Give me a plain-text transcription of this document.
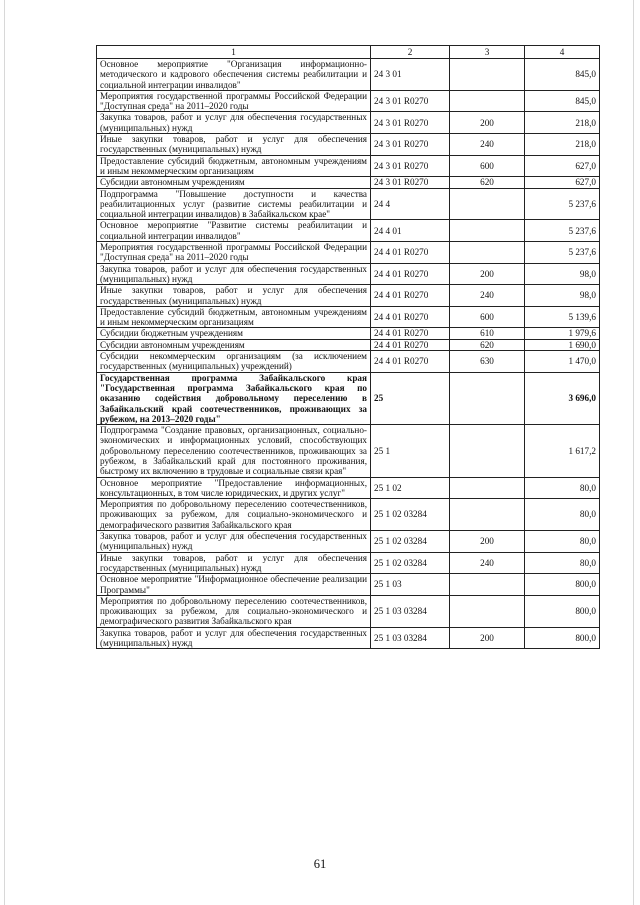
1	2	3	4
Основное мероприятие "Организация информационно-методического и кадрового обеспечения системы реабилитации и социальной интеграции инвалидов"	24 3 01		845,0
Мероприятия государственной программы Российской Федерации "Доступная среда" на 2011–2020 годы	24 3 01 R0270		845,0
Закупка товаров, работ и услуг для обеспечения государственных (муниципальных) нужд	24 3 01 R0270	200	218,0
Иные закупки товаров, работ и услуг для обеспечения государственных (муниципальных) нужд	24 3 01 R0270	240	218,0
Предоставление субсидий бюджетным, автономным учреждениям и иным некоммерческим организациям	24 3 01 R0270	600	627,0
Субсидии автономным учреждениям	24 3 01 R0270	620	627,0
Подпрограмма "Повышение доступности и качества реабилитационных услуг (развитие системы реабилитации и социальной интеграции инвалидов) в Забайкальском крае"	24 4		5 237,6
Основное мероприятие "Развитие системы реабилитации и социальной интеграции инвалидов"	24 4 01		5 237,6
Мероприятия государственной программы Российской Федерации "Доступная среда" на 2011–2020 годы	24 4 01 R0270		5 237,6
Закупка товаров, работ и услуг для обеспечения государственных (муниципальных) нужд	24 4 01 R0270	200	98,0
Иные закупки товаров, работ и услуг для обеспечения государственных (муниципальных) нужд	24 4 01 R0270	240	98,0
Предоставление субсидий бюджетным, автономным учреждениям и иным некоммерческим организациям	24 4 01 R0270	600	5 139,6
Субсидии бюджетным учреждениям	24 4 01 R0270	610	1 979,6
Субсидии автономным учреждениям	24 4 01 R0270	620	1 690,0
Субсидии некоммерческим организациям (за исключением государственных (муниципальных) учреждений)	24 4 01 R0270	630	1 470,0
Государственная программа Забайкальского края "Государственная программа Забайкальского края по оказанию содействия добровольному переселению в Забайкальский край соотечественников, проживающих за рубежом, на 2013–2020 годы"	25		3 696,0
Подпрограмма "Создание правовых, организационных, социально-экономических и информационных условий, способствующих добровольному переселению соотечественников, проживающих за рубежом, в Забайкальский край для постоянного проживания, быстрому их включению в трудовые и социальные связи края"	25 1		1 617,2
Основное мероприятие "Предоставление информационных, консультационных, в том числе юридических, и других услуг"	25 1 02		80,0
Мероприятия по добровольному переселению соотечественников, проживающих за рубежом, для социально-экономического и демографического развития Забайкальского края	25 1 02 03284		80,0
Закупка товаров, работ и услуг для обеспечения государственных (муниципальных) нужд	25 1 02 03284	200	80,0
Иные закупки товаров, работ и услуг для обеспечения государственных (муниципальных) нужд	25 1 02 03284	240	80,0
Основное мероприятие "Информационное обеспечение реализации Программы"	25 1 03		800,0
Мероприятия по добровольному переселению соотечественников, проживающих за рубежом, для социально-экономического и демографического развития Забайкальского края	25 1 03 03284		800,0
Закупка товаров, работ и услуг для обеспечения государственных (муниципальных) нужд	25 1 03 03284	200	800,0
61
